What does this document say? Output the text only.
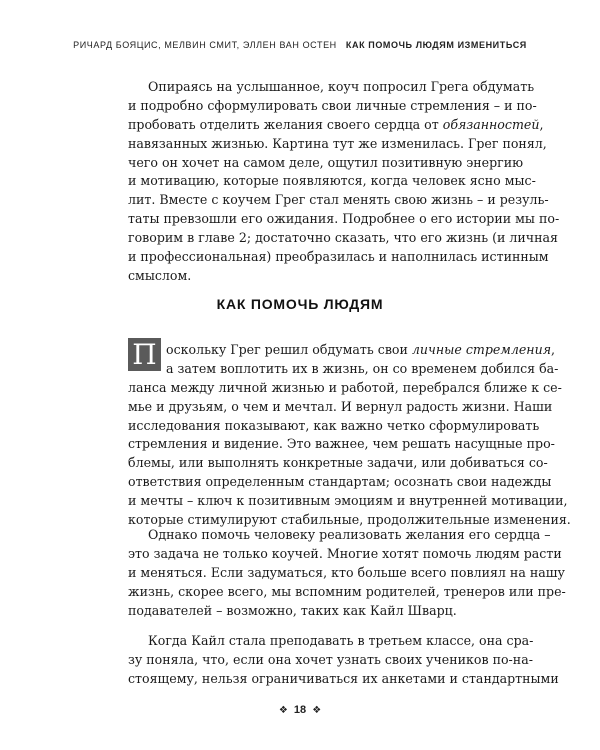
РИЧАРД БОЯЦИС, МЕЛВИН СМИТ, ЭЛЛЕН ВАН ОСТЕН КАК ПОМОЧЬ ЛЮДЯМ ИЗМЕНИТЬСЯ
Опираясь на услышанное, коуч попросил Грега обдумать
и подробно сформулировать свои личные стремления – и по-
пробовать отделить желания своего сердца от обязанностей,
навязанных жизнью. Картина тут же изменилась. Грег понял,
чего он хочет на самом деле, ощутил позитивную энергию
и мотивацию, которые появляются, когда человек ясно мыс-
лит. Вместе с коучем Грег стал менять свою жизнь – и резуль-
таты превзошли его ожидания. Подробнее о его истории мы по-
говорим в главе 2; достаточно сказать, что его жизнь (и личная
и профессиональная) преобразилась и наполнилась истинным
смыслом.
КАК ПОМОЧЬ ЛЮДЯМ
П оскольку Грег решил обдумать свои личные стремления,
а затем воплотить их в жизнь, он со временем добился ба-
ланса между личной жизнью и работой, перебрался ближе к се-
мье и друзьям, о чем и мечтал. И вернул радость жизни. Наши
исследования показывают, как важно четко сформулировать
стремления и видение. Это важнее, чем решать насущные про-
блемы, или выполнять конкретные задачи, или добиваться со-
ответствия определенным стандартам; осознать свои надежды
и мечты – ключ к позитивным эмоциям и внутренней мотивации,
которые стимулируют стабильные, продолжительные изменения.
Однако помочь человеку реализовать желания его сердца –
это задача не только коучей. Многие хотят помочь людям расти
и меняться. Если задуматься, кто больше всего повлиял на нашу
жизнь, скорее всего, мы вспомним родителей, тренеров или пре-
подавателей – возможно, таких как Кайл Шварц.
Когда Кайл стала преподавать в третьем классе, она сра-
зу поняла, что, если она хочет узнать своих учеников по-на-
стоящему, нельзя ограничиваться их анкетами и стандартными
❖ 18 ❖
